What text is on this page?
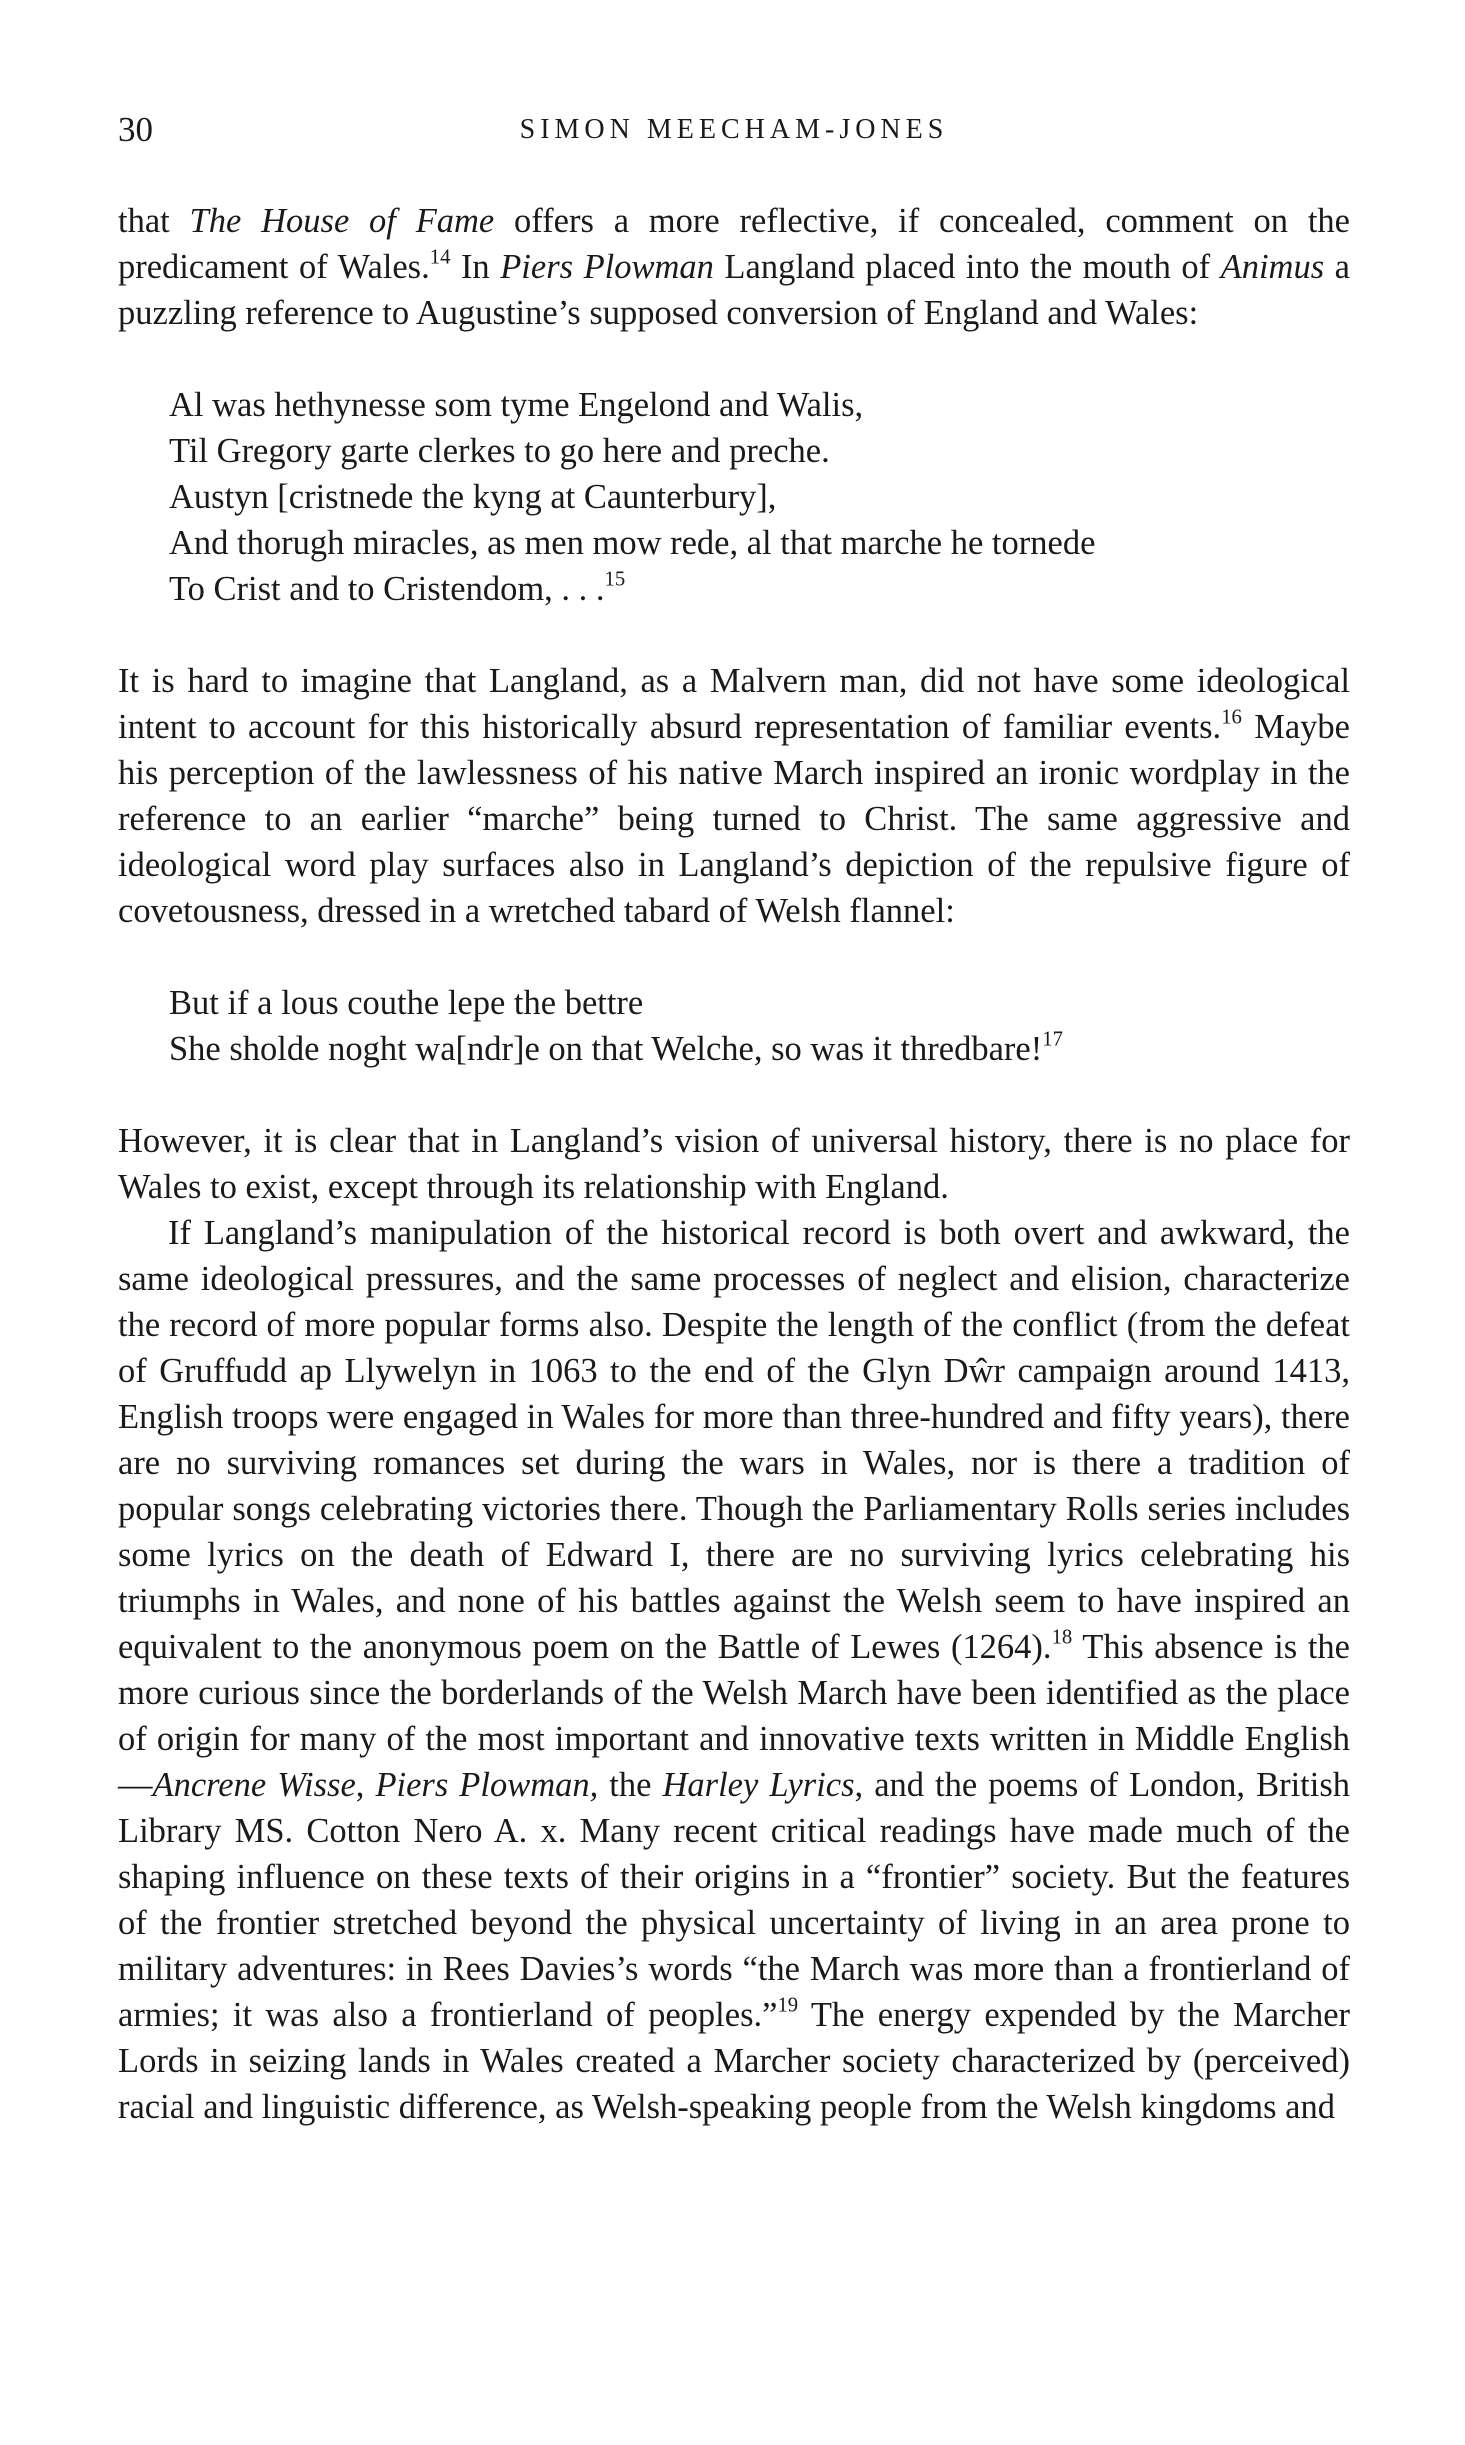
30	SIMON MEECHAM-JONES

that The House of Fame offers a more reflective, if concealed, comment on the predicament of Wales.$^{14}$ In Piers Plowman Langland placed into the mouth of Animus a puzzling reference to Augustine’s supposed conversion of England and Wales:

Al was hethynesse som tyme Engelond and Walis,
Til Gregory garte clerkes to go here and preche.
Austyn [cristnede the kyng at Caunterbury],
And thorugh miracles, as men mow rede, al that marche he tornede
To Crist and to Cristendom, . . .$^{15}$

It is hard to imagine that Langland, as a Malvern man, did not have some ideological intent to account for this historically absurd representation of familiar events.$^{16}$ Maybe his perception of the lawlessness of his native March inspired an ironic wordplay in the reference to an earlier “marche” being turned to Christ. The same aggressive and ideological word play surfaces also in Langland’s depiction of the repulsive figure of covetousness, dressed in a wretched tabard of Welsh flannel:

But if a lous couthe lepe the bettre
She sholde noght wa[ndr]e on that Welche, so was it thredbare!$^{17}$

However, it is clear that in Langland’s vision of universal history, there is no place for Wales to exist, except through its relationship with England.

If Langland’s manipulation of the historical record is both overt and awkward, the same ideological pressures, and the same processes of neglect and elision, characterize the record of more popular forms also. Despite the length of the conflict (from the defeat of Gruffudd ap Llywelyn in 1063 to the end of the Glyn Dŵr campaign around 1413, English troops were engaged in Wales for more than three-hundred and fifty years), there are no surviving romances set during the wars in Wales, nor is there a tradition of popular songs celebrating victories there. Though the Parliamentary Rolls series includes some lyrics on the death of Edward I, there are no surviving lyrics celebrating his triumphs in Wales, and none of his battles against the Welsh seem to have inspired an equivalent to the anonymous poem on the Battle of Lewes (1264).$^{18}$ This absence is the more curious since the borderlands of the Welsh March have been identified as the place of origin for many of the most important and innovative texts written in Middle English—Ancrene Wisse, Piers Plowman, the Harley Lyrics, and the poems of London, British Library MS. Cotton Nero A. x. Many recent critical readings have made much of the shaping influence on these texts of their origins in a “frontier” society. But the features of the frontier stretched beyond the physical uncertainty of living in an area prone to military adventures: in Rees Davies’s words “the March was more than a frontierland of armies; it was also a frontierland of peoples.”$^{19}$ The energy expended by the Marcher Lords in seizing lands in Wales created a Marcher society characterized by (perceived) racial and linguistic difference, as Welsh-speaking people from the Welsh kingdoms and
